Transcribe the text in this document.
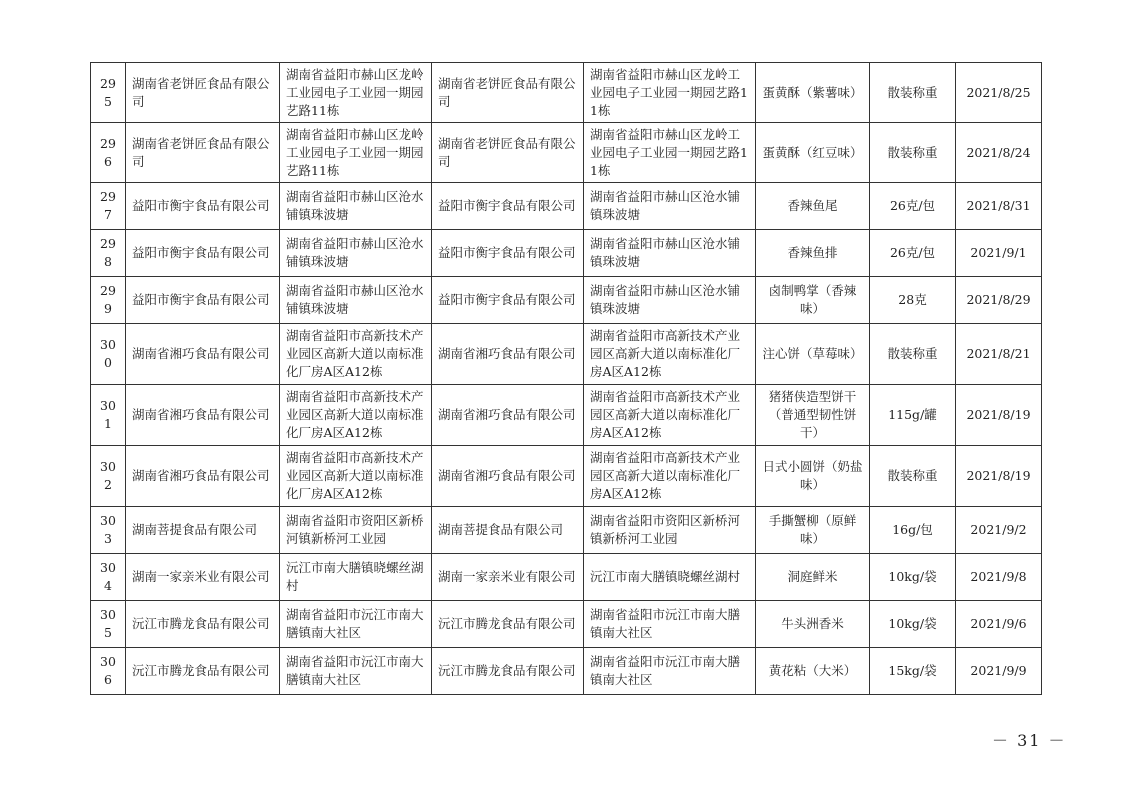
295	湖南省老饼匠食品有限公司	湖南省益阳市赫山区龙岭工业园电子工业园一期园艺路11栋	湖南省老饼匠食品有限公司	湖南省益阳市赫山区龙岭工业园电子工业园一期园艺路11栋	蛋黄酥（紫薯味）	散装称重	2021/8/25
296	湖南省老饼匠食品有限公司	湖南省益阳市赫山区龙岭工业园电子工业园一期园艺路11栋	湖南省老饼匠食品有限公司	湖南省益阳市赫山区龙岭工业园电子工业园一期园艺路11栋	蛋黄酥（红豆味）	散装称重	2021/8/24
297	益阳市衡宇食品有限公司	湖南省益阳市赫山区沧水铺镇珠波塘	益阳市衡宇食品有限公司	湖南省益阳市赫山区沧水铺镇珠波塘	香辣鱼尾	26克/包	2021/8/31
298	益阳市衡宇食品有限公司	湖南省益阳市赫山区沧水铺镇珠波塘	益阳市衡宇食品有限公司	湖南省益阳市赫山区沧水铺镇珠波塘	香辣鱼排	26克/包	2021/9/1
299	益阳市衡宇食品有限公司	湖南省益阳市赫山区沧水铺镇珠波塘	益阳市衡宇食品有限公司	湖南省益阳市赫山区沧水铺镇珠波塘	卤制鸭掌（香辣味）	28克	2021/8/29
300	湖南省湘巧食品有限公司	湖南省益阳市高新技术产业园区高新大道以南标准化厂房A区A12栋	湖南省湘巧食品有限公司	湖南省益阳市高新技术产业园区高新大道以南标准化厂房A区A12栋	注心饼（草莓味）	散装称重	2021/8/21
301	湖南省湘巧食品有限公司	湖南省益阳市高新技术产业园区高新大道以南标准化厂房A区A12栋	湖南省湘巧食品有限公司	湖南省益阳市高新技术产业园区高新大道以南标准化厂房A区A12栋	猪猪侠造型饼干（普通型韧性饼干）	115g/罐	2021/8/19
302	湖南省湘巧食品有限公司	湖南省益阳市高新技术产业园区高新大道以南标准化厂房A区A12栋	湖南省湘巧食品有限公司	湖南省益阳市高新技术产业园区高新大道以南标准化厂房A区A12栋	日式小圆饼（奶盐味）	散装称重	2021/8/19
303	湖南菩提食品有限公司	湖南省益阳市资阳区新桥河镇新桥河工业园	湖南菩提食品有限公司	湖南省益阳市资阳区新桥河镇新桥河工业园	手撕蟹柳（原鲜味）	16g/包	2021/9/2
304	湖南一家亲米业有限公司	沅江市南大膳镇晓螺丝湖村	湖南一家亲米业有限公司	沅江市南大膳镇晓螺丝湖村	洞庭鲜米	10kg/袋	2021/9/8
305	沅江市腾龙食品有限公司	湖南省益阳市沅江市南大膳镇南大社区	沅江市腾龙食品有限公司	湖南省益阳市沅江市南大膳镇南大社区	牛头洲香米	10kg/袋	2021/9/6
306	沅江市腾龙食品有限公司	湖南省益阳市沅江市南大膳镇南大社区	沅江市腾龙食品有限公司	湖南省益阳市沅江市南大膳镇南大社区	黄花粘（大米）	15kg/袋	2021/9/9
－ 31 －
